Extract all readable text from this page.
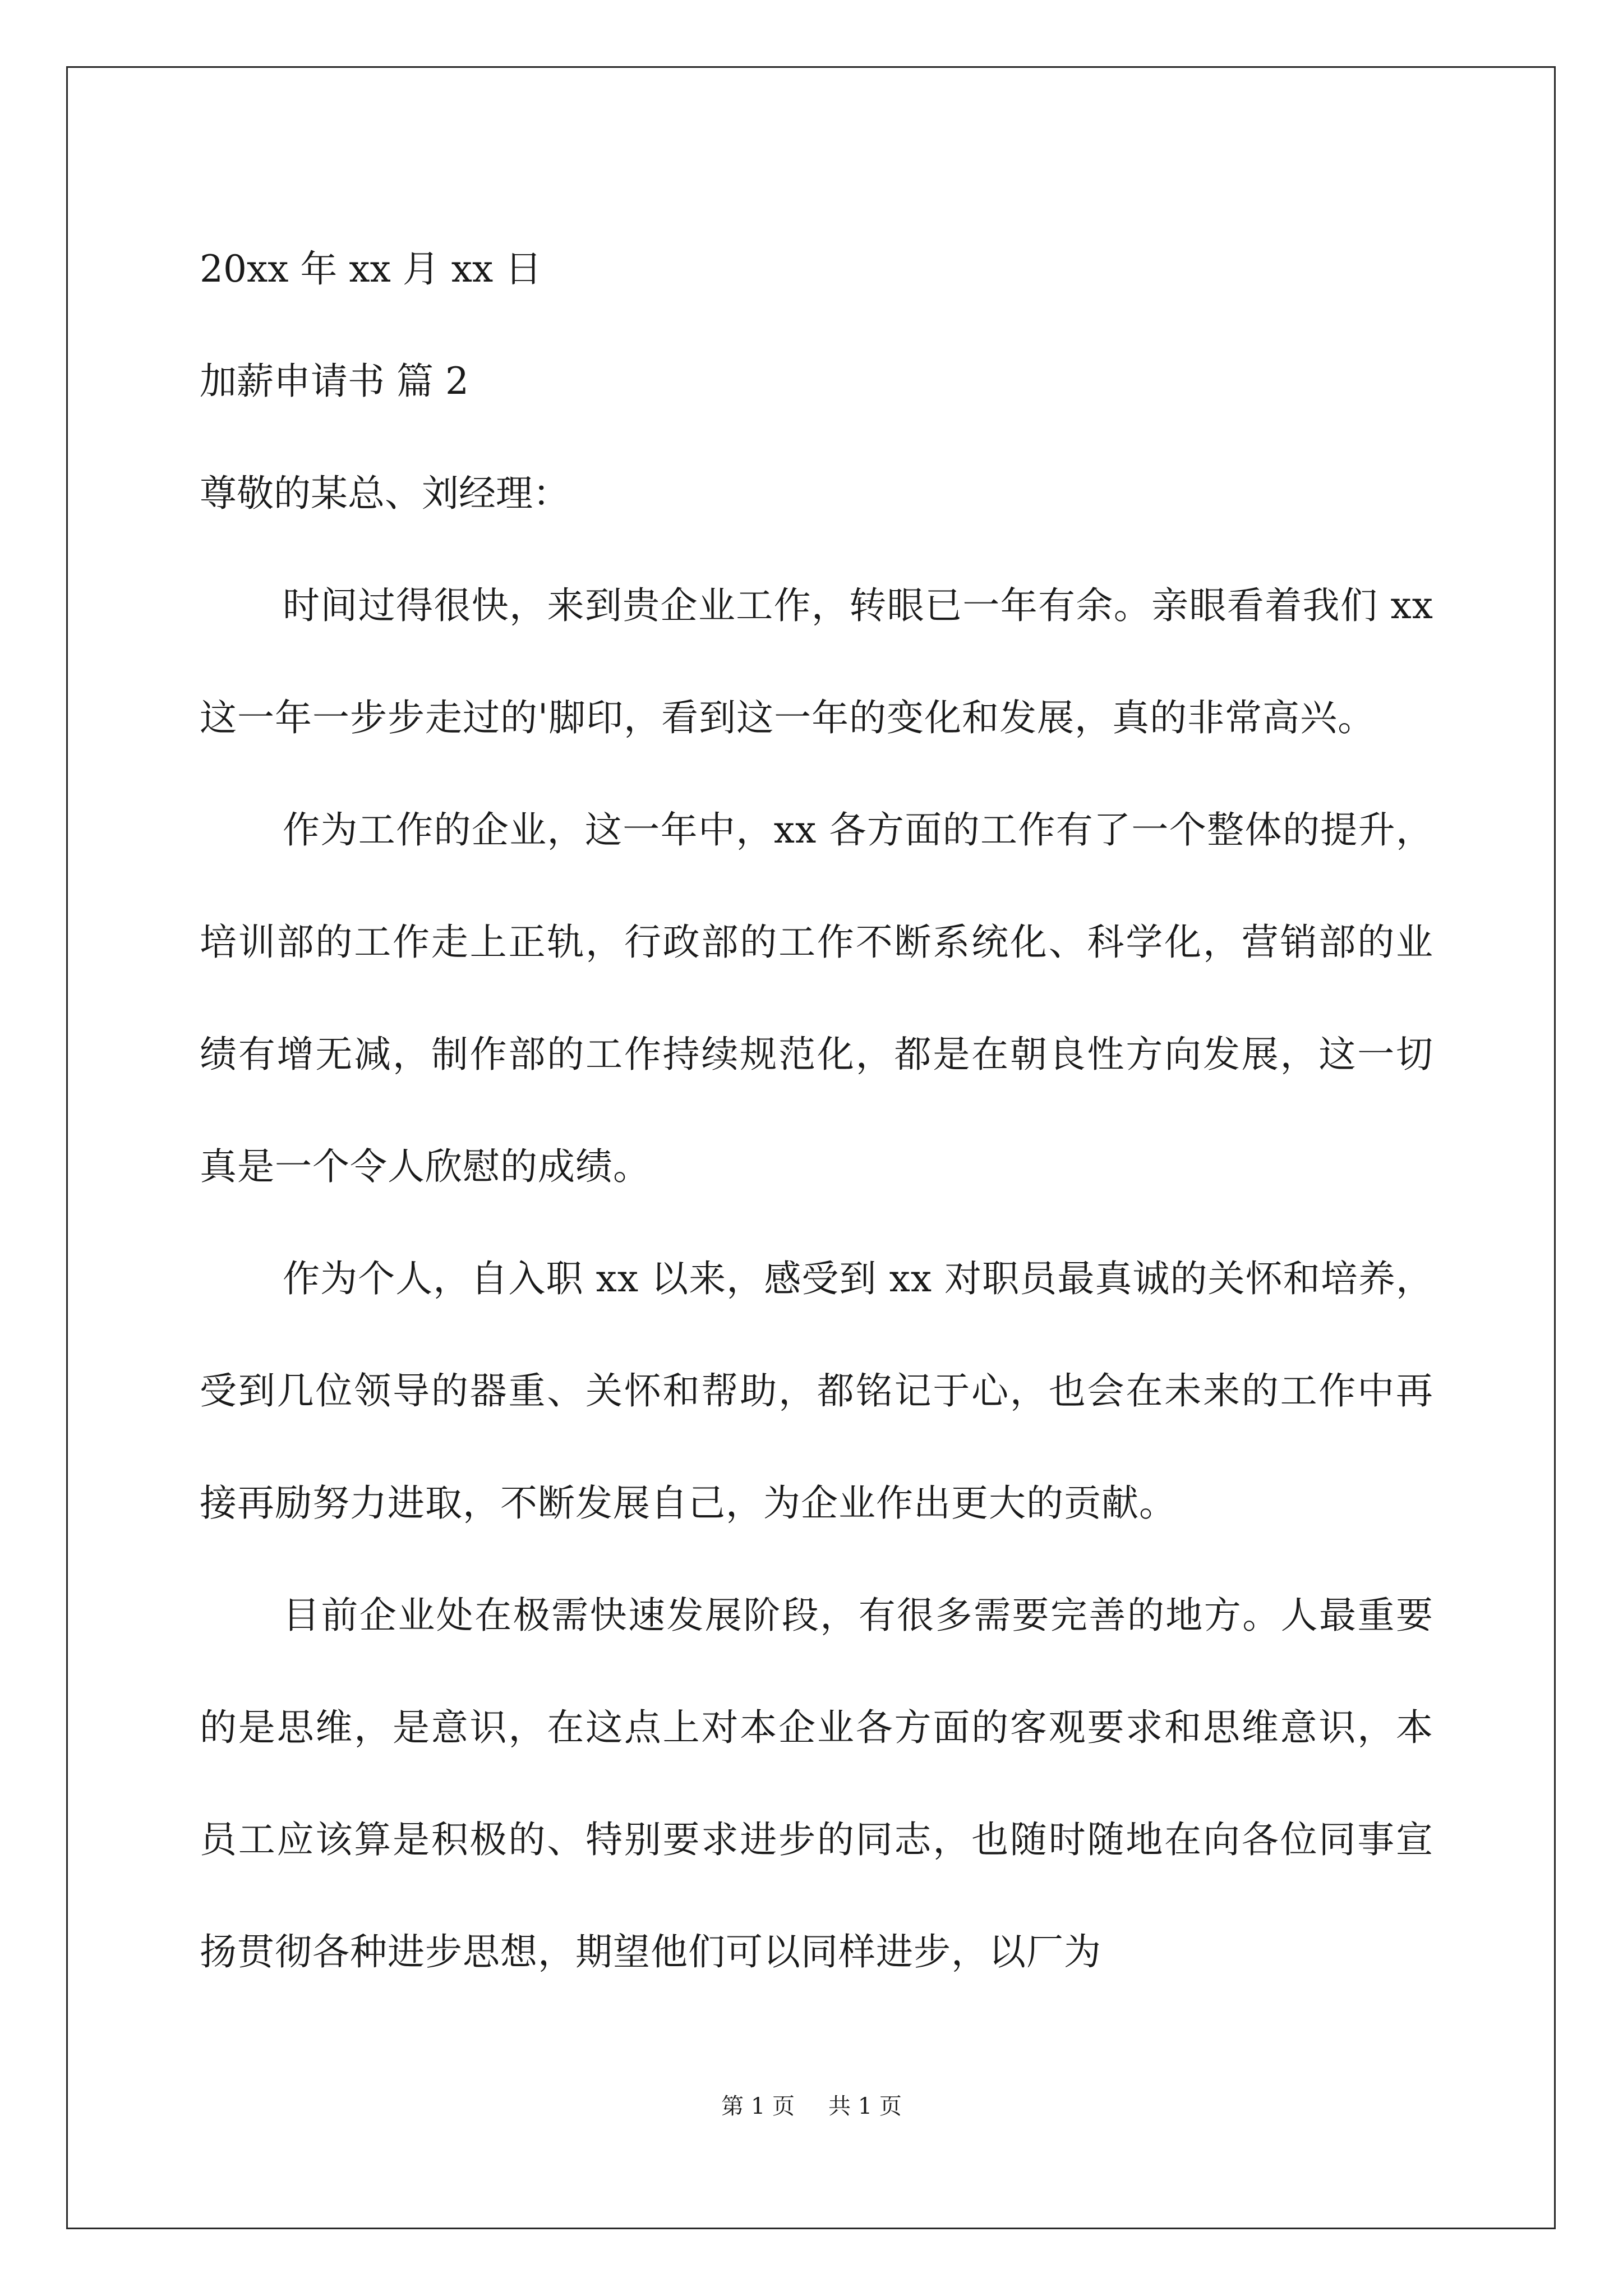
20xx 年 xx 月 xx 日

加薪申请书 篇 2

尊敬的某总、刘经理：

时间过得很快，来到贵企业工作，转眼已一年有余。亲眼看着我们 xx 这一年一步步走过的'脚印，看到这一年的变化和发展，真的非常高兴。

作为工作的企业，这一年中，xx 各方面的工作有了一个整体的提升，培训部的工作走上正轨，行政部的工作不断系统化、科学化，营销部的业绩有增无减，制作部的工作持续规范化，都是在朝良性方向发展，这一切真是一个令人欣慰的成绩。

作为个人，自入职 xx 以来，感受到 xx 对职员最真诚的关怀和培养，受到几位领导的器重、关怀和帮助，都铭记于心，也会在未来的工作中再接再励努力进取，不断发展自己，为企业作出更大的贡献。

目前企业处在极需快速发展阶段，有很多需要完善的地方。人最重要的是思维，是意识，在这点上对本企业各方面的客观要求和思维意识，本员工应该算是积极的、特别要求进步的同志，也随时随地在向各位同事宣扬贯彻各种进步思想，期望他们可以同样进步，以厂为

第 1 页 共 1 页
